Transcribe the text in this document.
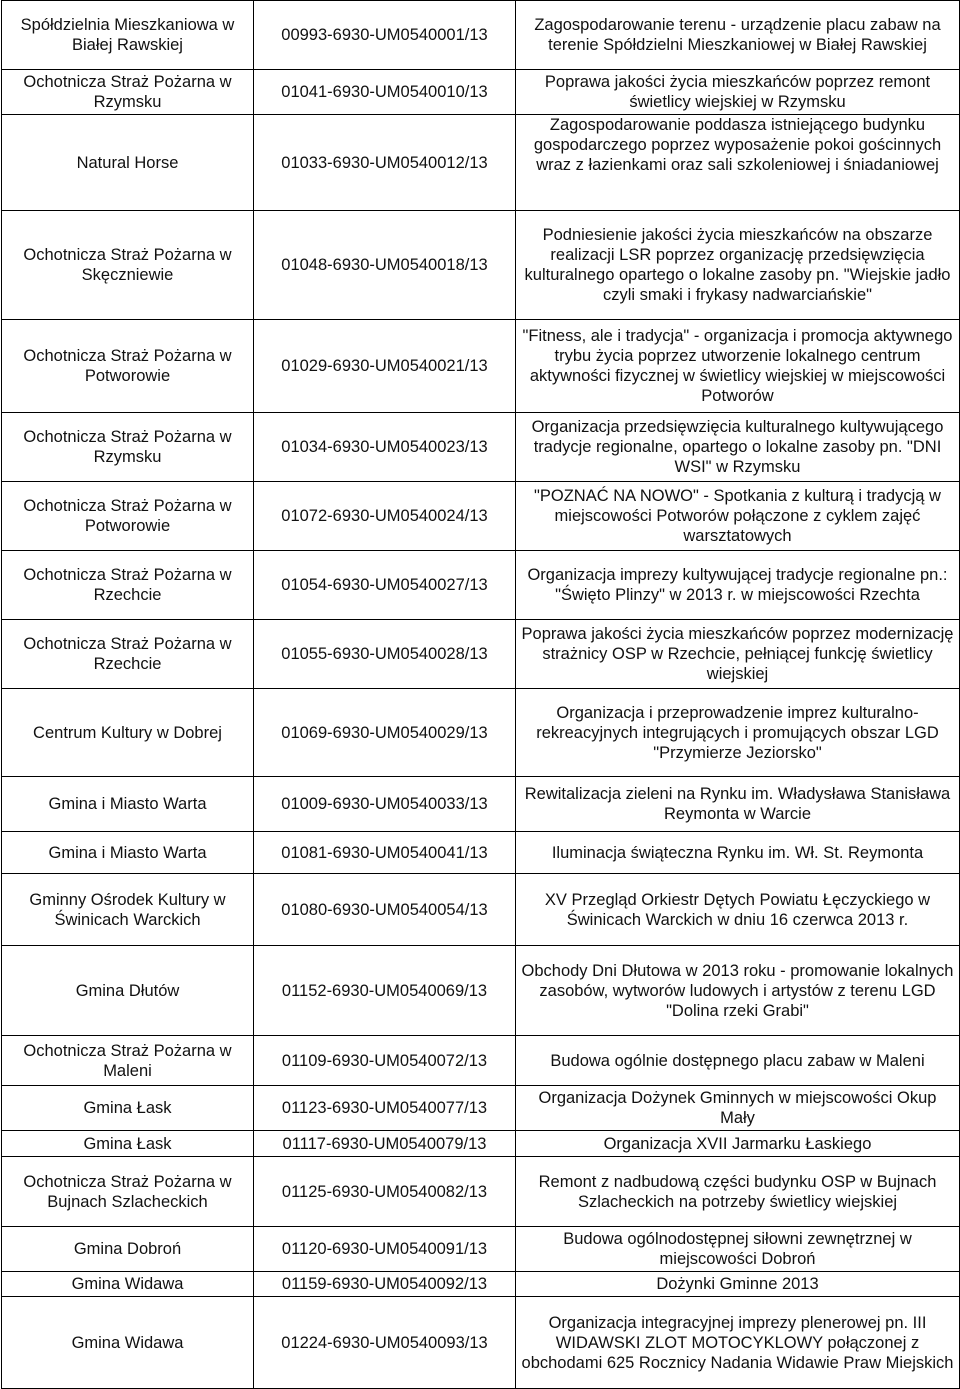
Spółdzielnia Mieszkaniowa w Białej Rawskiej	00993-6930-UM0540001/13	Zagospodarowanie terenu - urządzenie placu zabaw na terenie Spółdzielni Mieszkaniowej w Białej Rawskiej
Ochotnicza Straż Pożarna w Rzymsku	01041-6930-UM0540010/13	Poprawa jakości życia mieszkańców poprzez remont świetlicy wiejskiej w Rzymsku
Natural Horse	01033-6930-UM0540012/13	Zagospodarowanie poddasza istniejącego budynku gospodarczego poprzez wyposażenie pokoi gościnnych wraz z łazienkami oraz sali szkoleniowej i śniadaniowej
Ochotnicza Straż Pożarna w Skęczniewie	01048-6930-UM0540018/13	Podniesienie jakości życia mieszkańców na obszarze realizacji LSR poprzez organizację przedsięwzięcia kulturalnego opartego o lokalne zasoby pn. "Wiejskie jadło czyli smaki i frykasy nadwarciańskie"
Ochotnicza Straż Pożarna w Potworowie	01029-6930-UM0540021/13	"Fitness, ale i tradycja" - organizacja i promocja aktywnego trybu życia poprzez utworzenie lokalnego centrum aktywności fizycznej w świetlicy wiejskiej w miejscowości Potworów
Ochotnicza Straż Pożarna w Rzymsku	01034-6930-UM0540023/13	Organizacja przedsięwzięcia kulturalnego kultywującego tradycje regionalne, opartego o lokalne zasoby pn. "DNI WSI" w Rzymsku
Ochotnicza Straż Pożarna w Potworowie	01072-6930-UM0540024/13	"POZNAĆ NA NOWO" - Spotkania z kulturą i tradycją w miejscowości Potworów połączone z cyklem zajęć warsztatowych
Ochotnicza Straż Pożarna w Rzechcie	01054-6930-UM0540027/13	Organizacja imprezy kultywującej tradycje regionalne pn.: "Święto Plinzy" w 2013 r. w miejscowości Rzechta
Ochotnicza Straż Pożarna w Rzechcie	01055-6930-UM0540028/13	Poprawa jakości życia mieszkańców poprzez modernizację strażnicy OSP w Rzechcie, pełniącej funkcję świetlicy wiejskiej
Centrum Kultury w Dobrej	01069-6930-UM0540029/13	Organizacja i przeprowadzenie imprez kulturalno-rekreacyjnych integrujących i promujących obszar LGD "Przymierze Jeziorsko"
Gmina i Miasto Warta	01009-6930-UM0540033/13	Rewitalizacja zieleni na Rynku im. Władysława Stanisława Reymonta w Warcie
Gmina i Miasto Warta	01081-6930-UM0540041/13	Iluminacja świąteczna Rynku im. Wł. St. Reymonta
Gminny Ośrodek Kultury w Świnicach Warckich	01080-6930-UM0540054/13	XV Przegląd Orkiestr Dętych Powiatu Łęczyckiego w Świnicach Warckich w dniu 16 czerwca 2013 r.
Gmina Dłutów	01152-6930-UM0540069/13	Obchody Dni Dłutowa w 2013 roku - promowanie lokalnych zasobów, wytworów ludowych i artystów z terenu LGD "Dolina rzeki Grabi"
Ochotnicza Straż Pożarna w Maleni	01109-6930-UM0540072/13	Budowa ogólnie dostępnego placu zabaw w Maleni
Gmina Łask	01123-6930-UM0540077/13	Organizacja Dożynek Gminnych w miejscowości Okup Mały
Gmina Łask	01117-6930-UM0540079/13	Organizacja XVII Jarmarku Łaskiego
Ochotnicza Straż Pożarna w Bujnach Szlacheckich	01125-6930-UM0540082/13	Remont z nadbudową części budynku OSP w Bujnach Szlacheckich na potrzeby świetlicy wiejskiej
Gmina Dobroń	01120-6930-UM0540091/13	Budowa ogólnodostępnej siłowni zewnętrznej w miejscowości Dobroń
Gmina Widawa	01159-6930-UM0540092/13	Dożynki Gminne 2013
Gmina Widawa	01224-6930-UM0540093/13	Organizacja integracyjnej imprezy plenerowej pn. III WIDAWSKI ZLOT MOTOCYKLOWY połączonej z obchodami 625 Rocznicy Nadania Widawie Praw Miejskich
